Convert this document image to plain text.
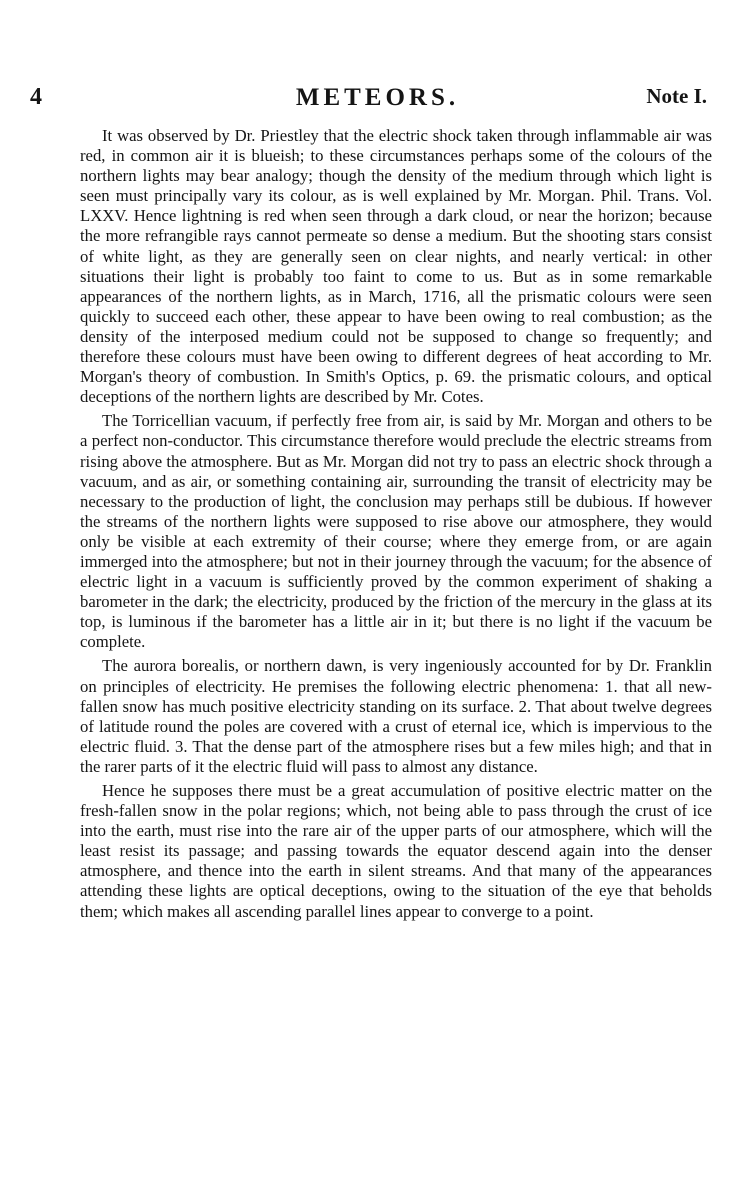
4	METEORS.	Note I.

It was observed by Dr. Priestley that the electric shock taken through inflammable air was red, in common air it is blueish; to these circumstances perhaps some of the colours of the northern lights may bear analogy; though the density of the medium through which light is seen must principally vary its colour, as is well explained by Mr. Morgan. Phil. Trans. Vol. LXXV. Hence lightning is red when seen through a dark cloud, or near the horizon; because the more refrangible rays cannot permeate so dense a medium. But the shooting stars consist of white light, as they are generally seen on clear nights, and nearly vertical: in other situations their light is probably too faint to come to us. But as in some remarkable appearances of the northern lights, as in March, 1716, all the prismatic colours were seen quickly to succeed each other, these appear to have been owing to real combustion; as the density of the interposed medium could not be supposed to change so frequently; and therefore these colours must have been owing to different degrees of heat according to Mr. Morgan's theory of combustion. In Smith's Optics, p. 69. the prismatic colours, and optical deceptions of the northern lights are described by Mr. Cotes.

The Torricellian vacuum, if perfectly free from air, is said by Mr. Morgan and others to be a perfect non-conductor. This circumstance therefore would preclude the electric streams from rising above the atmosphere. But as Mr. Morgan did not try to pass an electric shock through a vacuum, and as air, or something containing air, surrounding the transit of electricity may be necessary to the production of light, the conclusion may perhaps still be dubious. If however the streams of the northern lights were supposed to rise above our atmosphere, they would only be visible at each extremity of their course; where they emerge from, or are again immerged into the atmosphere; but not in their journey through the vacuum; for the absence of electric light in a vacuum is sufficiently proved by the common experiment of shaking a barometer in the dark; the electricity, produced by the friction of the mercury in the glass at its top, is luminous if the barometer has a little air in it; but there is no light if the vacuum be complete.

The aurora borealis, or northern dawn, is very ingeniously accounted for by Dr. Franklin on principles of electricity. He premises the following electric phenomena: 1. that all new-fallen snow has much positive electricity standing on its surface. 2. That about twelve degrees of latitude round the poles are covered with a crust of eternal ice, which is impervious to the electric fluid. 3. That the dense part of the atmosphere rises but a few miles high; and that in the rarer parts of it the electric fluid will pass to almost any distance.

Hence he supposes there must be a great accumulation of positive electric matter on the fresh-fallen snow in the polar regions; which, not being able to pass through the crust of ice into the earth, must rise into the rare air of the upper parts of our atmosphere, which will the least resist its passage; and passing towards the equator descend again into the denser atmosphere, and thence into the earth in silent streams. And that many of the appearances attending these lights are optical deceptions, owing to the situation of the eye that beholds them; which makes all ascending parallel lines appear to converge to a point.
